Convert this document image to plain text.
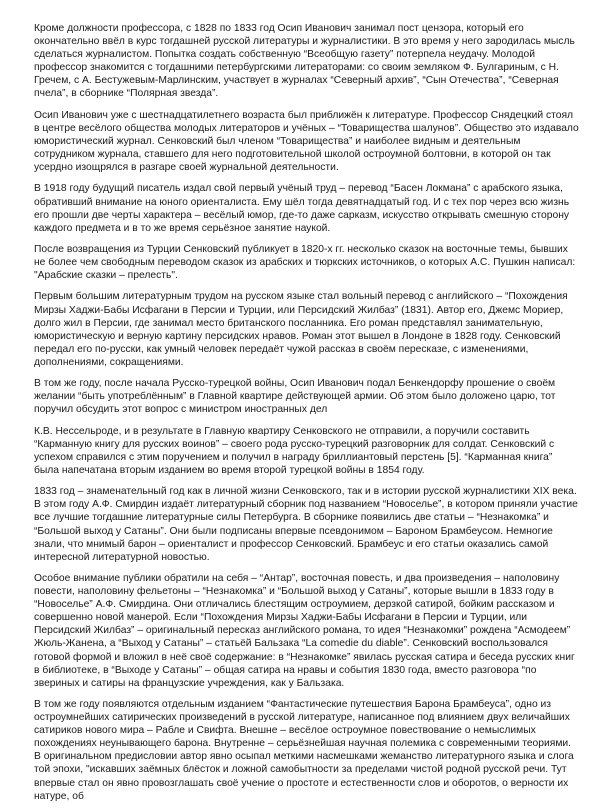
Кроме должности профессора, с 1828 по 1833 год Осип Иванович занимал пост цензора, который его окончательно ввёл в курс тогдашней русской литературы и журналистики. В это время у него зародилась мысль сделаться журналистом. Попытка создать собственную “Всеобщую газету” потерпела неудачу. Молодой профессор знакомится с тогдашними петербургскими литераторами: со своим земляком Ф. Булгариным, с Н. Гречем, с А. Бестужевым-Марлинским, участвует в журналах “Северный архив”, “Сын Отечества”, “Северная пчела”, в сборнике “Полярная звезда”.

Осип Иванович уже с шестнадцатилетнего возраста был приближён к литературе. Профессор Снядецкий стоял в центре весёлого общества молодых литераторов и учёных – “Товарищества шалунов”. Общество это издавало юмористический журнал. Сенковский был членом “Товарищества” и наиболее видным и деятельным сотрудником журнала, ставшего для него подготовительной школой остроумной болтовни, в которой он так усердно изощрялся в разгаре своей журнальной деятельности.

В 1918 году будущий писатель издал свой первый учёный труд – перевод “Басен Локмана” с арабского языка, обративший внимание на юного ориенталиста. Ему шёл тогда девятнадцатый год. И с тех пор через всю жизнь его прошли две черты характера – весёлый юмор, где-то даже сарказм, искусство открывать смешную сторону каждого предмета и в то же время серьёзное занятие наукой.

После возвращения из Турции Сенковский публикует в 1820-х гг. несколько сказок на восточные темы, бывших не более чем свободным переводом сказок из арабских и тюркских источников, о которых А.С. Пушкин написал: "Арабские сказки – прелесть".

Первым большим литературным трудом на русском языке стал вольный перевод с английского – “Похождения Мирзы Хаджи-Бабы Исфагани в Персии и Турции, или Персидский Жилбаз” (1831). Автор его, Джемс Мориер, долго жил в Персии, где занимал место британского посланника. Его роман представлял занимательную, юмористическую и верную картину персидских нравов. Роман этот вышел в Лондоне в 1828 году. Сенковский передал его по-русски, как умный человек передаёт чужой рассказ в своём пересказе, с изменениями, дополнениями, сокращениями.

В том же году, после начала Русско-турецкой войны, Осип Иванович подал Бенкендорфу прошение о своём желании “быть употреблённым” в Главной квартире действующей армии. Об этом было доложено царю, тот поручил обсудить этот вопрос с министром иностранных дел

К.В. Нессельроде, и в результате в Главную квартиру Сенковского не отправили, а поручили составить “Карманную книгу для русских воинов” – своего рода русско-турецкий разговорник для солдат. Сенковский с успехом справился с этим поручением и получил в награду бриллиантовый перстень [5]. “Карманная книга” была напечатана вторым изданием во время второй турецкой войны в 1854 году.

1833 год – знаменательный год как в личной жизни Сенковского, так и в истории русской журналистики XIX века. В этом году А.Ф. Смирдин издаёт литературный сборник под названием “Новоселье”, в котором приняли участие все лучшие тогдашние литературные силы Петербурга. В сборнике появились две статьи – “Незнакомка” и “Большой выход у Сатаны”. Они были подписаны впервые псевдонимом – Бароном Брамбеусом. Немногие знали, что мнимый барон – ориенталист и профессор Сенковский. Брамбеус и его статьи оказались самой интересной литературной новостью.

Особое внимание публики обратили на себя – “Антар”, восточная повесть, и два произведения – наполовину повести, наполовину фельетоны – “Незнакомка” и “Большой выход у Сатаны”, которые вышли в 1833 году в “Новоселье” А.Ф. Смирдина. Они отличались блестящим остроумием, дерзкой сатирой, бойким рассказом и совершенно новой манерой. Если “Похождения Мирзы Хаджи-Бабы Исфагани в Персии и Турции, или Персидский Жилбаз” – оригинальный пересказ английского романа, то идея “Незнакомки” рождена “Асмодеем” Жюль-Жанена, а “Выход у Сатаны” – статьёй Бальзака “La comedie du diable”. Сенковский воспользовался готовой формой и вложил в неё своё содержание: в “Незнакомке” явилась русская сатира и беседа русских книг в библиотеке, в “Выходе у Сатаны” – общая сатира на нравы и события 1830 года, вместо разговора “по звериных и сатиры на французские учреждения, как у Бальзака.

В том же году появляются отдельным изданием “Фантастические путешествия Барона Брамбеуса”, одно из остроумнейших сатирических произведений в русской литературе, написанное под влиянием двух величайших сатириков нового мира – Рабле и Свифта. Внешне – весёлое остроумное повествование о немыслимых похождениях неунывающего барона. Внутренне – серьёзнейшая научная полемика с современными теориями. В оригинальном предисловии автор явно осыпал меткими насмешками жеманство литературного языка и слога той эпохи, "искавших заёмных блёсток и ложной самобытности за пределами чистой родной русской речи. Тут впервые стал он явно провозглашать своё учение о простоте и естественности слов и оборотов, о верности их натуре, об
